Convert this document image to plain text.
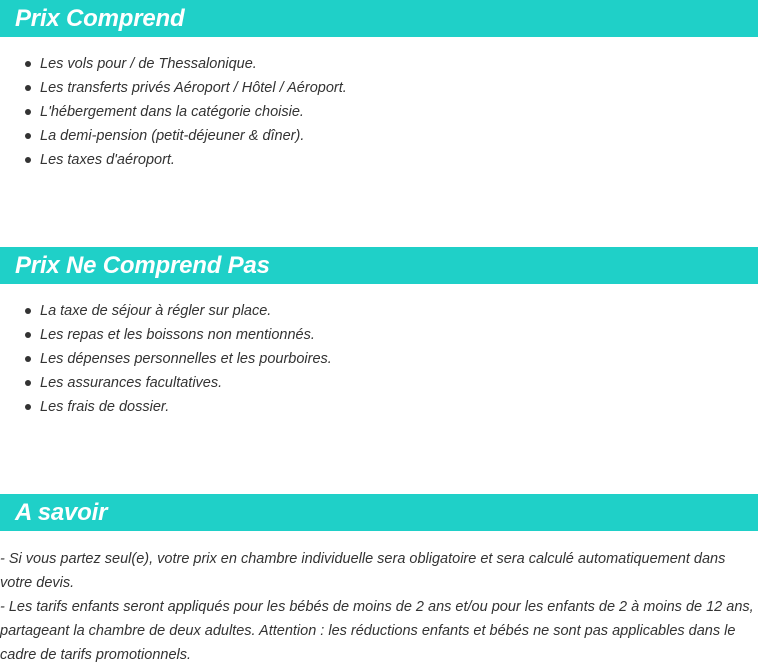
Prix Comprend
Les vols pour / de Thessalonique.
Les transferts privés Aéroport / Hôtel / Aéroport.
L'hébergement dans la catégorie choisie.
La demi-pension (petit-déjeuner & dîner).
Les taxes d'aéroport.
Prix Ne Comprend Pas
La taxe de séjour à régler sur place.
Les repas et les boissons non mentionnés.
Les dépenses personnelles et les pourboires.
Les assurances facultatives.
Les frais de dossier.
A savoir

- Si vous partez seul(e), votre prix en chambre individuelle sera obligatoire et sera calculé automatiquement dans votre devis.

- Les tarifs enfants seront appliqués pour les bébés de moins de 2 ans et/ou pour les enfants de 2 à moins de 12 ans, partageant la chambre de deux adultes. Attention : les réductions enfants et bébés ne sont pas applicables dans le cadre de tarifs promotionnels.
